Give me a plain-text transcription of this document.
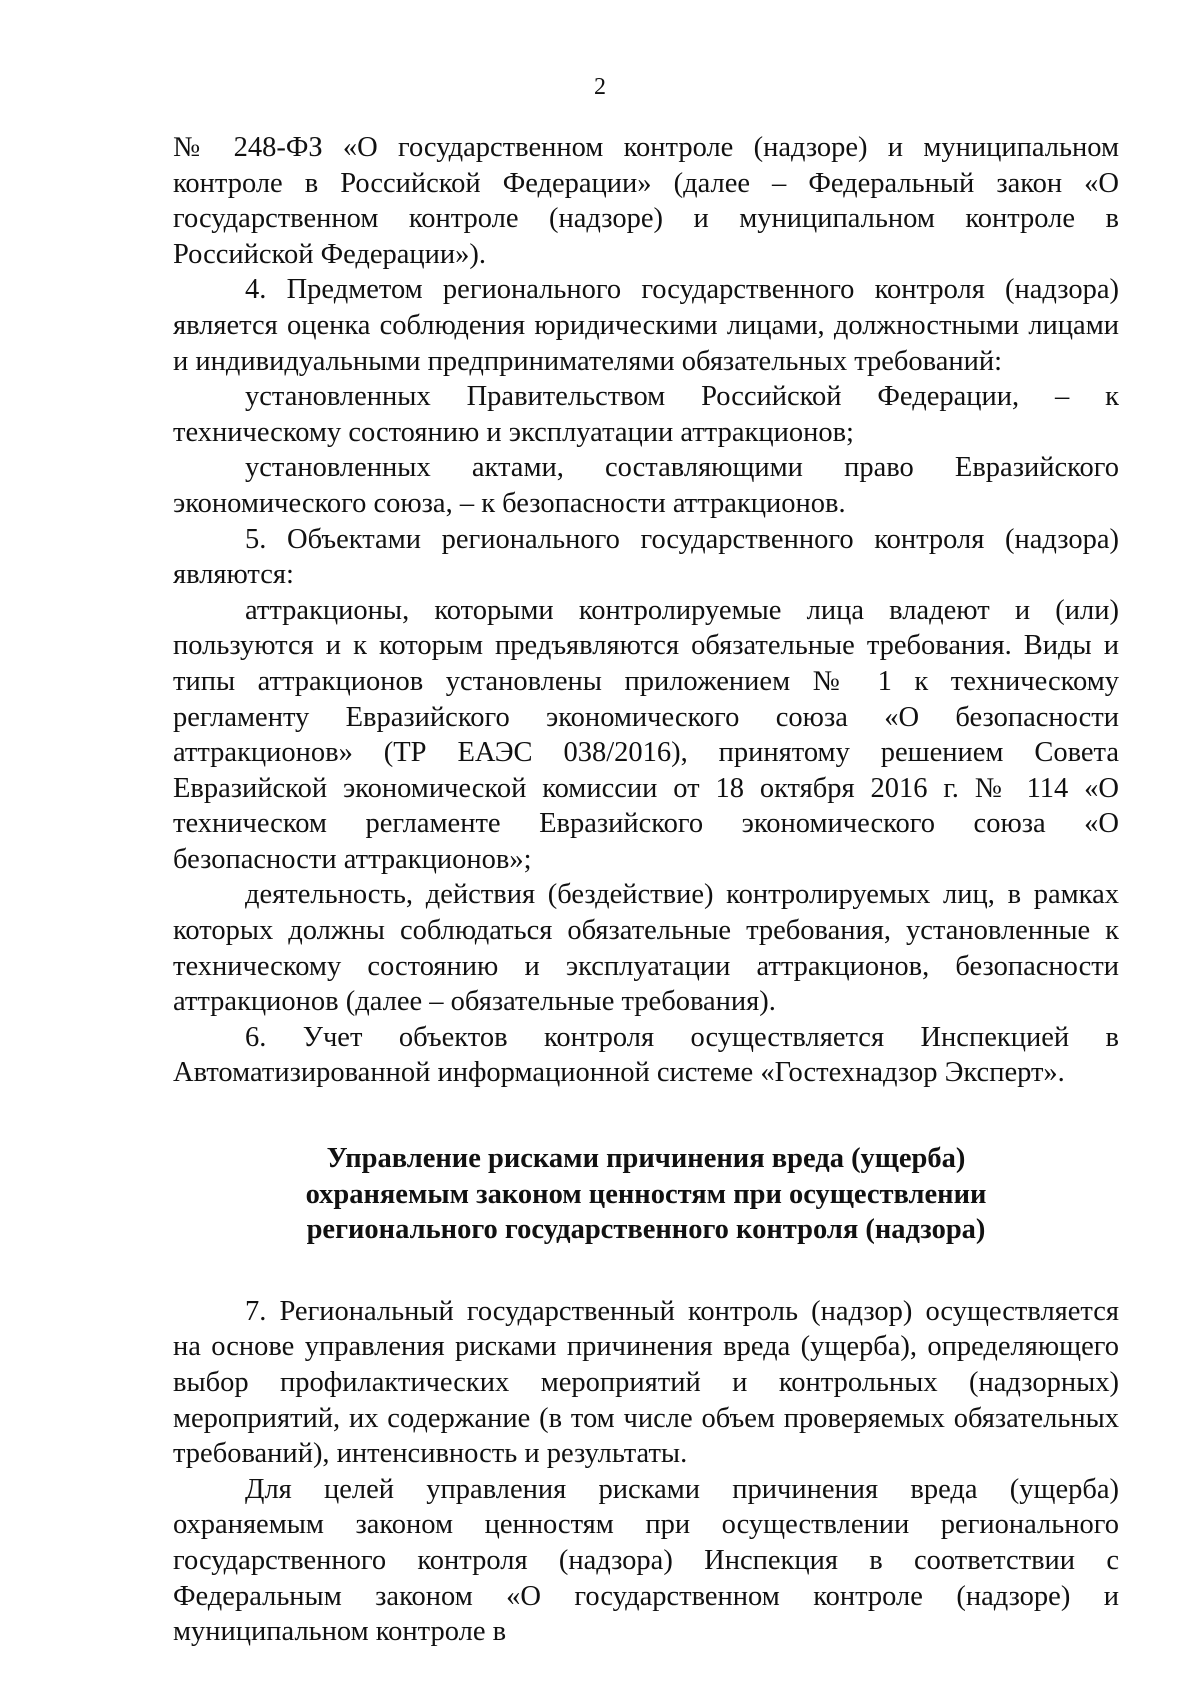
2

№ 248-ФЗ «О государственном контроле (надзоре) и муниципальном контроле в Российской Федерации» (далее – Федеральный закон «О государственном контроле (надзоре) и муниципальном контроле в Российской Федерации»).

4. Предметом регионального государственного контроля (надзора) является оценка соблюдения юридическими лицами, должностными лицами и индивидуальными предпринимателями обязательных требований:

установленных Правительством Российской Федерации, – к техническому состоянию и эксплуатации аттракционов;

установленных актами, составляющими право Евразийского экономического союза, – к безопасности аттракционов.

5. Объектами регионального государственного контроля (надзора) являются:

аттракционы, которыми контролируемые лица владеют и (или) пользуются и к которым предъявляются обязательные требования. Виды и типы аттракционов установлены приложением № 1 к техническому регламенту Евразийского экономического союза «О безопасности аттракционов» (ТР ЕАЭС 038/2016), принятому решением Совета Евразийской экономической комиссии от 18 октября 2016 г. № 114 «О техническом регламенте Евразийского экономического союза «О безопасности аттракционов»;

деятельность, действия (бездействие) контролируемых лиц, в рамках которых должны соблюдаться обязательные требования, установленные к техническому состоянию и эксплуатации аттракционов, безопасности аттракционов (далее – обязательные требования).

6. Учет объектов контроля осуществляется Инспекцией в Автоматизированной информационной системе «Гостехнадзор Эксперт».

Управление рисками причинения вреда (ущерба)
охраняемым законом ценностям при осуществлении
регионального государственного контроля (надзора)

7. Региональный государственный контроль (надзор) осуществляется на основе управления рисками причинения вреда (ущерба), определяющего выбор профилактических мероприятий и контрольных (надзорных) мероприятий, их содержание (в том числе объем проверяемых обязательных требований), интенсивность и результаты.

Для целей управления рисками причинения вреда (ущерба) охраняемым законом ценностям при осуществлении регионального государственного контроля (надзора) Инспекция в соответствии с Федеральным законом «О государственном контроле (надзоре) и муниципальном контроле в
